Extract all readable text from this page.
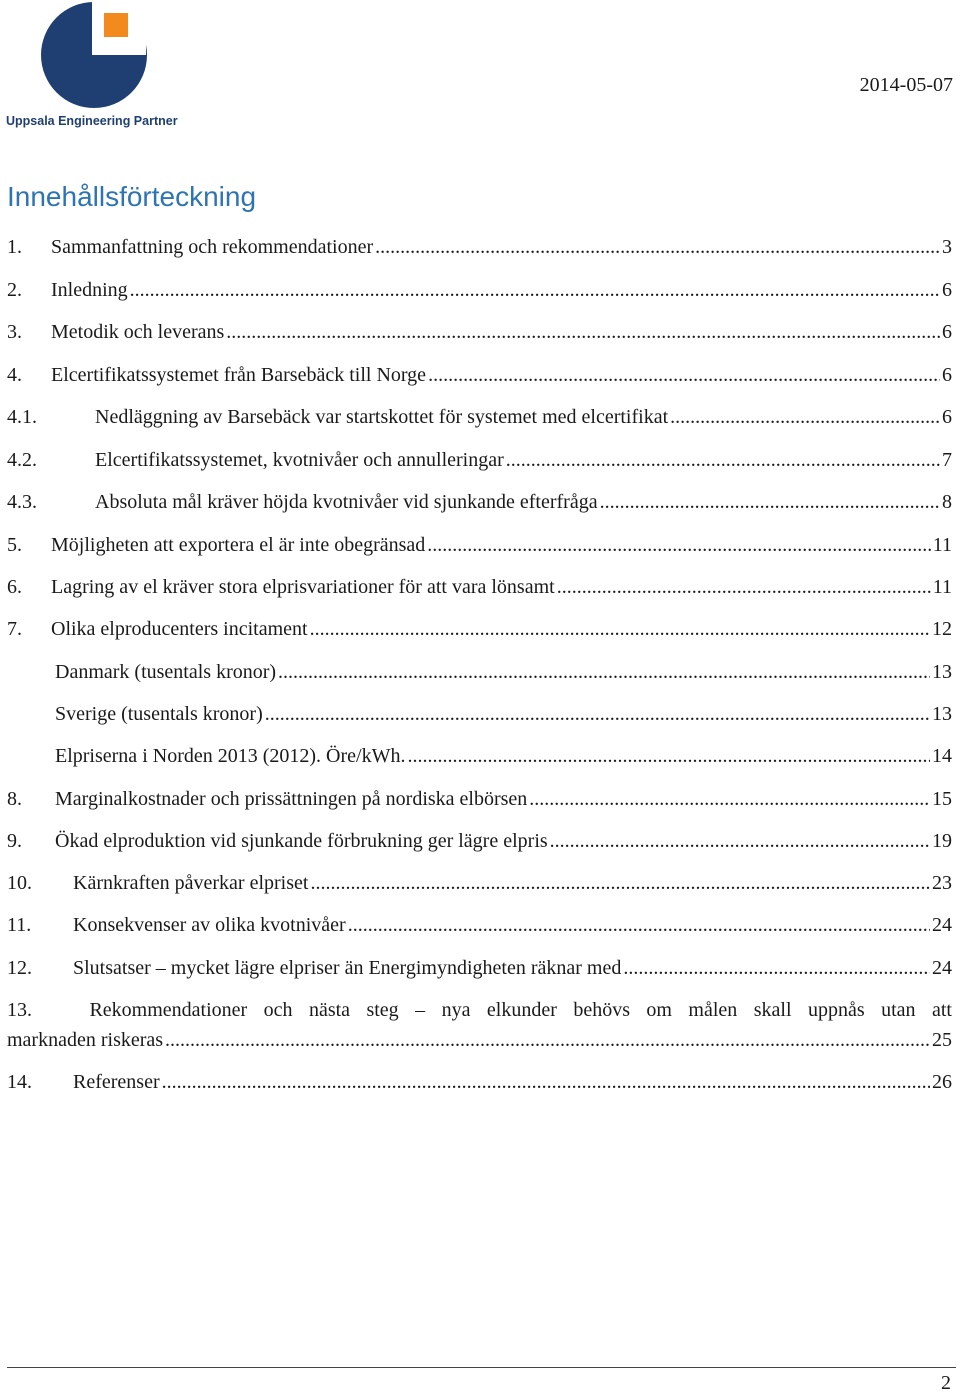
Uppsala Engineering Partner
2014-05-07
Innehållsförteckning
1.	Sammanfattning och rekommendationer .....	3
2.	Inledning .....	6
3.	Metodik och leverans .....	6
4.	Elcertifikatssystemet från Barsebäck till Norge .....	6
4.1.	Nedläggning av Barsebäck var startskottet för systemet med elcertifikat .....	6
4.2.	Elcertifikatssystemet, kvotnivåer och annulleringar .....	7
4.3.	Absoluta mål kräver höjda kvotnivåer vid sjunkande efterfråga .....	8
5.	Möjligheten att exportera el är inte obegränsad .....	11
6.	Lagring av el kräver stora elprisvariationer för att vara lönsamt .....	11
7.	Olika elproducenters incitament .....	12
Danmark (tusentals kronor) .....	13
Sverige (tusentals kronor) .....	13
Elpriserna i Norden 2013 (2012). Öre/kWh. .....	14
8.	Marginalkostnader och prissättningen på nordiska elbörsen .....	15
9.	Ökad elproduktion vid sjunkande förbrukning ger lägre elpris .....	19
10.	Kärnkraften påverkar elpriset .....	23
11.	Konsekvenser av olika kvotnivåer .....	24
12.	Slutsatser – mycket lägre elpriser än Energimyndigheten räknar med .....	24
13.	Rekommendationer och nästa steg – nya elkunder behövs om målen skall uppnås utan att
marknaden riskeras .....	25
14.	Referenser .....	26
2
